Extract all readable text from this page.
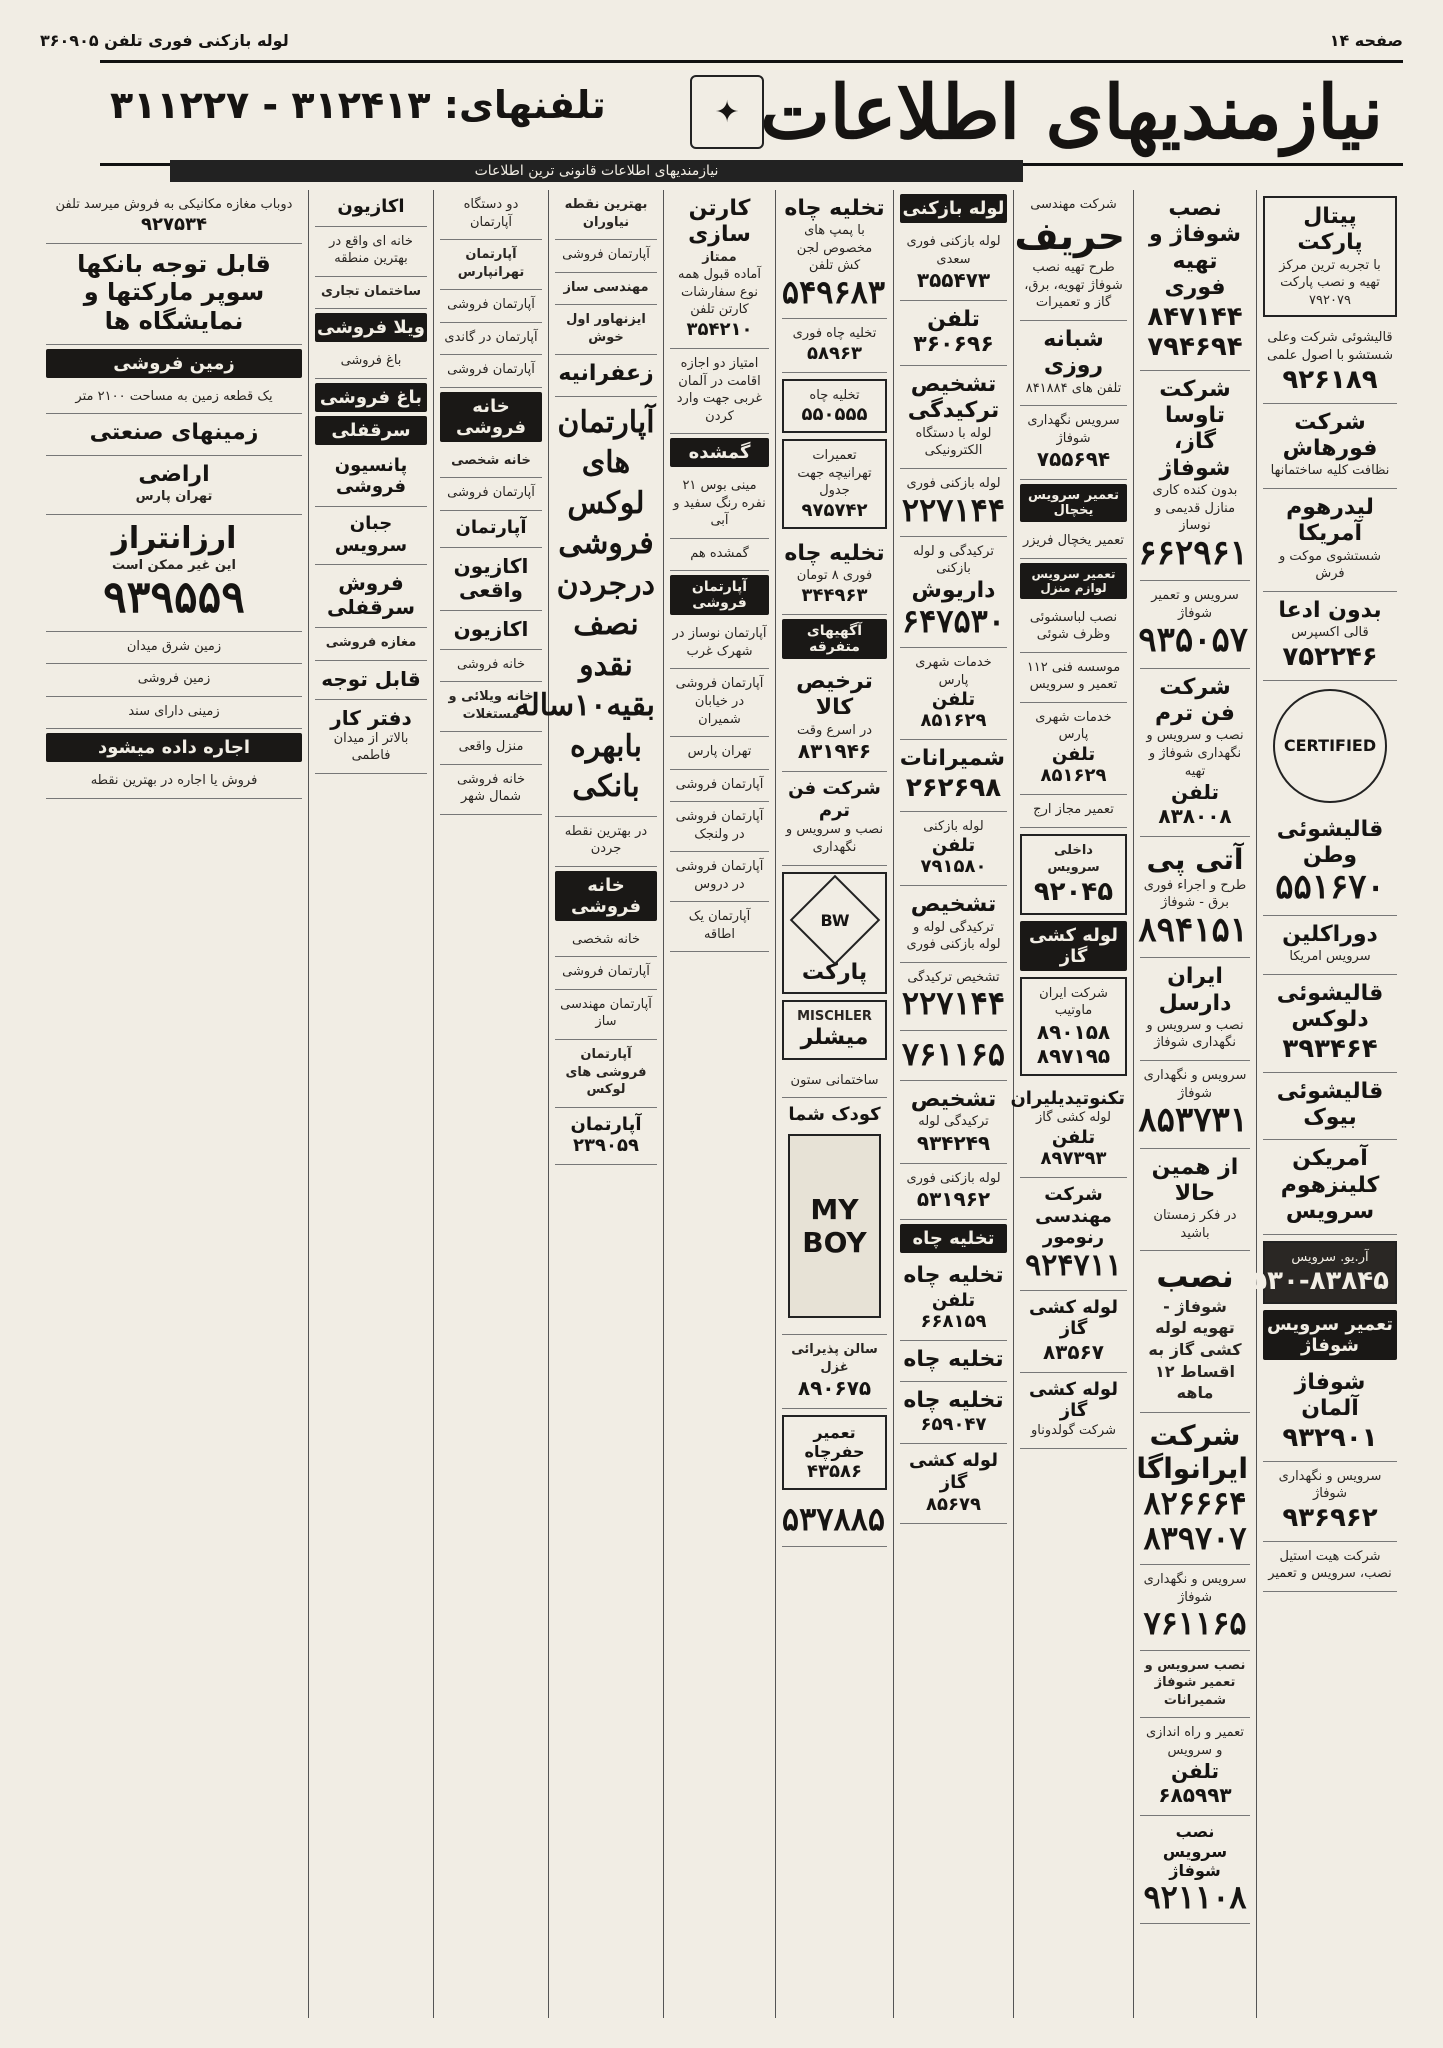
صفحه ۱۴
لوله بازکنی فوری تلفن ۳۶۰۹۰۵
نیازمندیهای اطلاعات
✦
تلفنهای: ۳۱۲۴۱۳ - ۳۱۱۲۲۷
نیازمندیهای اطلاعات قانونی ترین اطلاعات
پیتال پارکت
با تجربه ترین مرکز تهیه و نصب پارکت ۷۹۲۰۷۹
قالیشوئی شرکت وعلی شستشو با اصول علمی
۹۲۶۱۸۹
شرکت فورهاش
نظافت کلیه ساختمانها
لیدرهوم آمریکا
شستشوی موکت و فرش
بدون ادعا
قالی اکسپرس
۷۵۲۲۴۶
CERTIFIED
قالیشوئی وطن
۵۵۱۶۷۰
دوراکلین
سرویس امریکا
قالیشوئی دلوکس
۳۹۳۴۶۴
قالیشوئی بیوک
آمریکن کلینزهوم سرویس
آر.یو. سرویس
۸۵۵۳۰-۸۳۸۴۵
تعمیر سرویس شوفاژ
شوفاژ آلمان
۹۳۲۹۰۱
سرویس و نگهداری شوفاژ
۹۳۶۹۶۲
شرکت هیت استیل نصب، سرویس و تعمیر
نصب شوفاژ و تهیه فوری
۸۴۷۱۴۴
۷۹۴۶۹۴
شرکت تاوسا
گاز، شوفاژ
بدون کنده کاری منازل قدیمی و نوساز
۶۶۲۹۶۱
سرویس و تعمیر شوفاژ
۹۳۵۰۵۷
شرکت فن ترم
نصب و سرویس و نگهداری شوفاژ و تهیه
تلفن ۸۳۸۰۰۸
آتی پی
طرح و اجراء فوری برق - شوفاژ
۸۹۴۱۵۱
ایران دارسل
نصب و سرویس و نگهداری شوفاژ
سرویس و نگهداری شوفاژ
۸۵۳۷۳۱
از همین حالا
در فکر زمستان باشید
نصب
شوفاژ - تهویه لوله کشی گاز به اقساط ۱۲ ماهه
شرکت ایرانواگا
۸۲۶۶۶۴
۸۳۹۷۰۷
سرویس و نگهداری شوفاژ
۷۶۱۱۶۵
نصب سرویس و تعمیر شوفاژ شمیرانات
تعمیر و راه اندازی و سرویس
تلفن ۶۸۵۹۹۳
نصب سرویس شوفاژ
۹۲۱۱۰۸
شرکت مهندسی
حریف
طرح تهیه نصب شوفاژ تهویه، برق، گاز و تعمیرات
شبانه روزی
تلفن های ۸۴۱۸۸۴
سرویس نگهداری شوفاژ
۷۵۵۶۹۴
تعمیر سرویس یخچال
تعمیر یخچال فریزر
تعمیر سرویس لوازم منزل
نصب لباسشوئی وظرف شوئی
موسسه فنی ۱۱۲ تعمیر و سرویس
خدمات شهری پارس
تلفن ۸۵۱۶۲۹
تعمیر مجاز ارج
داخلی سرویس
۹۲۰۴۵
لوله کشی گاز
شرکت ایران ماوتیب
۸۹۰۱۵۸
۸۹۷۱۹۵
تکنوتیدیلیران
لوله کشی گاز
تلفن ۸۹۷۳۹۳
شرکت مهندسی رنومور
۹۲۴۷۱۱
لوله کشی گاز
۸۳۵۶۷
لوله کشی گاز
شرکت گولدوناو
لوله بازکنی
لوله بازکنی فوری سعدی
۳۵۵۴۷۳
تلفن ۳۶۰۶۹۶
تشخیص ترکیدگی
لوله با دستگاه الکترونیکی
لوله بازکنی فوری
۲۲۷۱۴۴
ترکیدگی و لوله بازکنی
داریوش
۶۴۷۵۳۰
خدمات شهری پارس
تلفن ۸۵۱۶۲۹
شمیرانات
۲۶۲۶۹۸
لوله بازکنی
تلفن ۷۹۱۵۸۰
تشخیص
ترکیدگی لوله و لوله بازکنی فوری
تشخیص ترکیدگی
۲۲۷۱۴۴
۷۶۱۱۶۵
تشخیص
ترکیدگی لوله
۹۳۴۲۴۹
لوله بازکنی فوری
۵۳۱۹۶۲
تخلیه چاه
تخلیه چاه
تلفن ۶۶۸۱۵۹
تخلیه چاه
تخلیه چاه
۶۵۹۰۴۷
لوله کشی گاز
۸۵۶۷۹
تخلیه چاه
با پمپ های مخصوص لجن کش تلفن
۵۴۹۶۸۳
تخلیه چاه فوری
۵۸۹۶۳
تخلیه چاه
۵۵۰۵۵۵
تعمیرات تهرانیچه جهت جدول
۹۷۵۷۴۲
تخلیه چاه
فوری ۸ تومان
۳۴۴۹۶۳
آگهیهای متفرقه
ترخیص کالا
در اسرع وقت
۸۳۱۹۴۶
شرکت فن ترم
نصب و سرویس و نگهداری
BW
پارکت
MISCHLER
میشلر
ساختمانی ستون
کودک شما
MY BOY
سالن پذیرائی غزل
۸۹۰۶۷۵
تعمیر حفرچاه
۴۳۵۸۶
۵۳۷۸۸۵
کارتن سازی
ممتاز
آماده قبول همه نوع سفارشات کارتن تلفن
۳۵۴۲۱۰
امتیاز دو اجازه اقامت در آلمان غربی جهت وارد کردن
گمشده
مینی بوس ۲۱ نفره رنگ سفید و آبی
گمشده هم
آپارتمان فروشی
آپارتمان نوساز در شهرک غرب
آپارتمان فروشی در خیابان شمیران
تهران پارس
آپارتمان فروشی
آپارتمان فروشی در ولنجک
آپارتمان فروشی در دروس
آپارتمان یک اطاقه
بهترین نقطه نیاوران
آپارتمان فروشی
مهندسی ساز
ایزنهاور اول خوش
زعفرانیه
آپارتمان های لوکس فروشی درجردن نصف نقدو بقیه۱۰ساله بابهره بانکی
در بهترین نقطه جردن
خانه فروشی
خانه شخصی
آپارتمان فروشی
آپارتمان مهندسی ساز
آپارتمان فروشی های لوکس
آپارتمان
۲۳۹۰۵۹
دو دستگاه آپارتمان
آپارتمان تهرانپارس
آپارتمان فروشی
آپارتمان در گاندی
آپارتمان فروشی
خانه فروشی
خانه شخصی
آپارتمان فروشی
آپارتمان
اکازیون واقعی
اکازیون
خانه فروشی
خانه ویلائی و مستغلات
منزل واقعی
خانه فروشی شمال شهر
اکازیون
خانه ای واقع در بهترین منطقه
ساختمان تجاری
ویلا فروشی
باغ فروشی
باغ فروشی
سرقفلی
پانسیون فروشی
جبان سرویس
فروش سرقفلی
مغازه فروشی
قابل توجه
دفتر کار
بالاتر از میدان فاطمی
دوباب مغازه مکانیکی به فروش میرسد تلفن
۹۲۷۵۳۴
قابل توجه بانکها سوپر مارکتها و نمایشگاه ها
زمین فروشی
یک قطعه زمین به مساحت ۲۱۰۰ متر
زمینهای صنعتی
اراضی
تهران پارس
ارزانتراز
این غیر ممکن است
۹۳۹۵۵۹
زمین شرق میدان
زمین فروشی
زمینی دارای سند
اجاره داده میشود
فروش یا اجاره در بهترین نقطه
